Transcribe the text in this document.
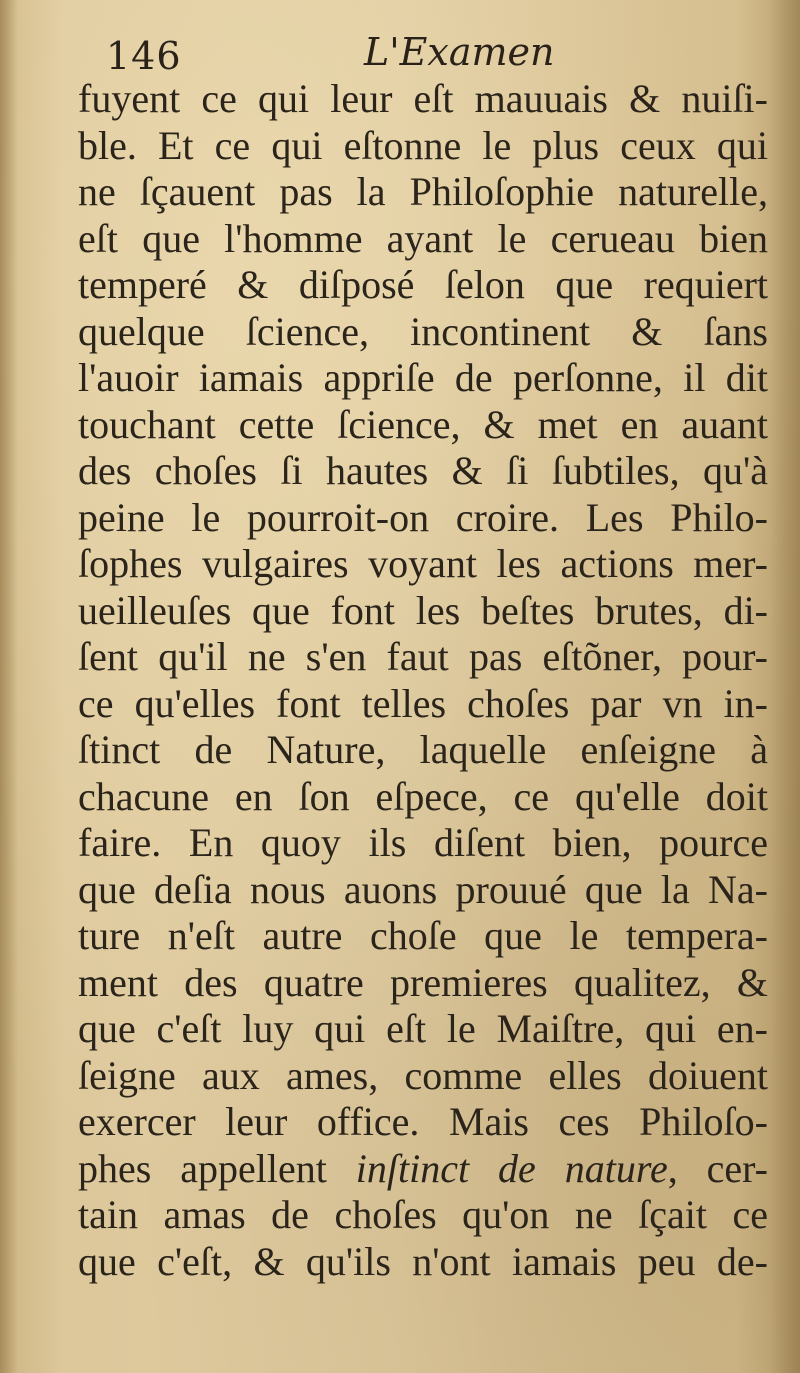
146	L'Examen
fuyent ce qui leur eſt mauuais & nuiſi-
ble. Et ce qui eſtonne le plus ceux qui
ne ſçauent pas la Philoſophie naturelle,
eſt que l'homme ayant le cerueau bien
temperé & diſposé ſelon que requiert
quelque ſcience, incontinent & ſans
l'auoir iamais appriſe de perſonne, il dit
touchant cette ſcience, & met en auant
des choſes ſi hautes & ſi ſubtiles, qu'à
peine le pourroit-on croire. Les Philo-
ſophes vulgaires voyant les actions mer-
ueilleuſes que font les beſtes brutes, di-
ſent qu'il ne s'en faut pas eſtõner, pour-
ce qu'elles font telles choſes par vn in-
ſtinct de Nature, laquelle enſeigne à
chacune en ſon eſpece, ce qu'elle doit
faire. En quoy ils diſent bien, pource
que deſia nous auons prouué que la Na-
ture n'eſt autre choſe que le tempera-
ment des quatre premieres qualitez, &
que c'eſt luy qui eſt le Maiſtre, qui en-
ſeigne aux ames, comme elles doiuent
exercer leur office. Mais ces Philoſo-
phes appellent inſtinct de nature, cer-
tain amas de choſes qu'on ne ſçait ce
que c'eſt, & qu'ils n'ont iamais peu de-
